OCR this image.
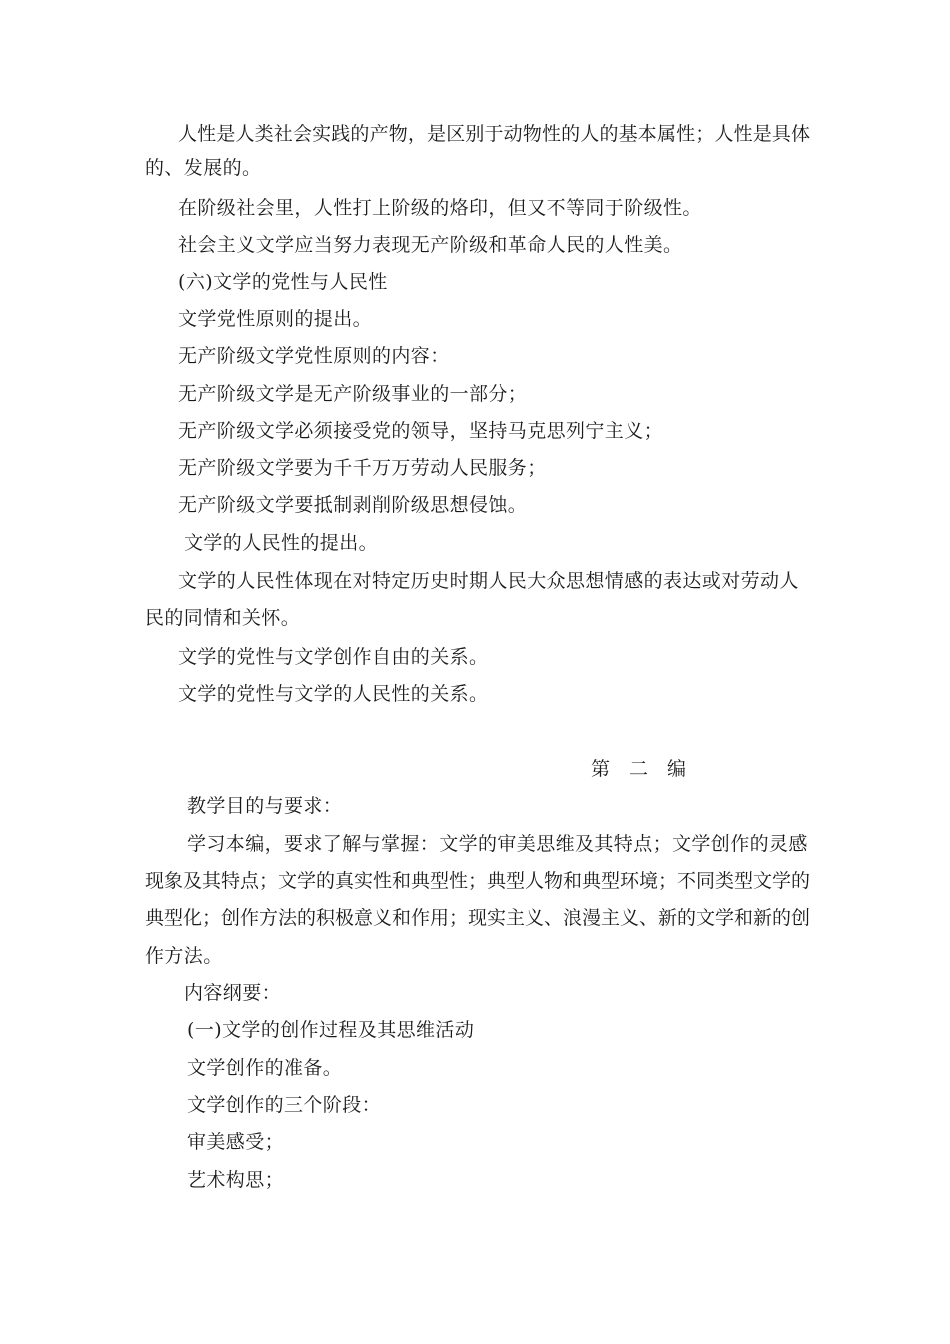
人性是人类社会实践的产物，是区别于动物性的人的基本属性；人性是具体
的、发展的。
在阶级社会里，人性打上阶级的烙印，但又不等同于阶级性。
社会主义文学应当努力表现无产阶级和革命人民的人性美。
(六)文学的党性与人民性
文学党性原则的提出。
无产阶级文学党性原则的内容：
无产阶级文学是无产阶级事业的一部分；
无产阶级文学必须接受党的领导，坚持马克思列宁主义；
无产阶级文学要为千千万万劳动人民服务；
无产阶级文学要抵制剥削阶级思想侵蚀。
文学的人民性的提出。
文学的人民性体现在对特定历史时期人民大众思想情感的表达或对劳动人
民的同情和关怀。
文学的党性与文学创作自由的关系。
文学的党性与文学的人民性的关系。
第 二 编
教学目的与要求：
学习本编，要求了解与掌握：文学的审美思维及其特点；文学创作的灵感
现象及其特点；文学的真实性和典型性；典型人物和典型环境；不同类型文学的
典型化；创作方法的积极意义和作用；现实主义、浪漫主义、新的文学和新的创
作方法。
内容纲要：
(一)文学的创作过程及其思维活动
文学创作的准备。
文学创作的三个阶段：
审美感受；
艺术构思；
